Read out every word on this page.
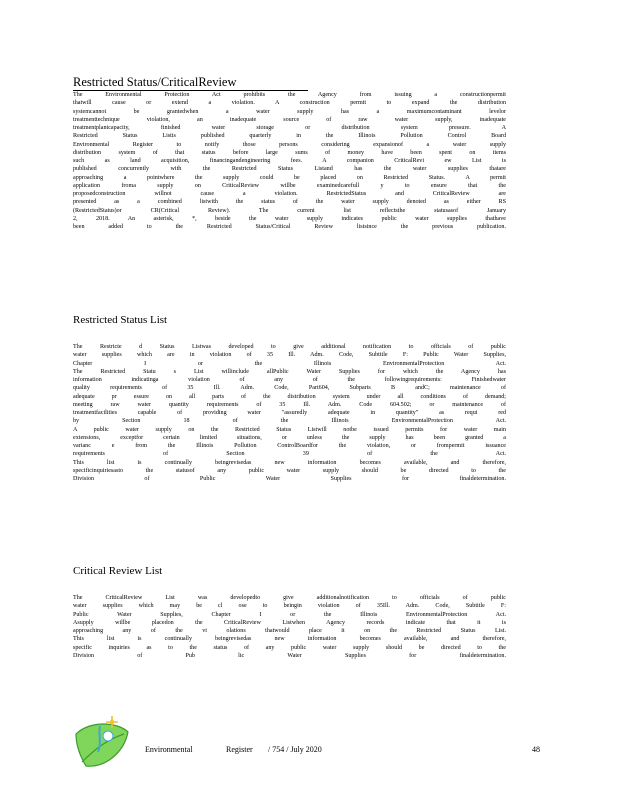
Restricted Status/CriticalReview
The Environmental Protection Act prohibits the Agency from issuing a constructionpermit
thatwill cause or extend a violation. A construction permit to expand the distribution
systemcannot be grantedwhen a water supply has a maximumcontaminant levelor
treatmenttechnique violation, an inadequate source of raw water supply, inadequate
treatmentplantcapacity, finished water storage or distribution system pressure. A
Restricted Status Listis published quarterly in the Illinois Pollution Control Board
Environmental Register to notify those persons considering expansionof a water supply
distribution system of that status before large sums of money have been spent on items
such as land acquisition, financingandengineering fees. A companion CriticalRevi ew List is
published concurrently with the Restricted Status Listand has the water supplies thatare
approaching a pointwhere the supply could be placed on Restricted Status. A permit
application froma supply on CriticalReview willbe examinedcarefull y to ensure that the
proposedconstruction willnot cause a violation. RestrictedStatus and CriticalReview are
presented as a combined listwith the status of the water supply denoted as either RS
(RestrictedStatus)or CR(Critical Review). The current list reflectsthe statusasof January
2, 2018. An asterisk, *, beside the water supply indicates public water supplies thathave
been added to the Restricted Status/Critical Review listsince the previous publication.
Restricted Status List
The Restricte d Status Listwas developed to give additional notification to officials of public
water supplies which are in violation of 35 Ill. Adm. Code, Subtitle F: Public Water Supplies,
Chapter I or the Illinois EnvironmentalProtection Act.
The Restricted Statu s List willinclude allPublic Water Supplies for which the Agency has
information indicatinga violation of any of the followingrequirements: Finishedwater
quality requirements of 35 Ill. Adm. Code, Part604, Subparts B andC; maintenance of
adequate pr essure on all parts of the distribution system under all conditions of demand;
meeting raw water quantity requirements of 35 Ill. Adm. Code 604.502; or maintenance of
treatmentfacilities capable of providing water "assuredly adequate in quantity" as requi red
by Section 18 of the Illinois EnvironmentalProtection Act.
A public water supply on the Restricted Status Listwill notbe issued permits for water main
extensions, exceptfor certain limited situations, or unless the supply has been granted a
varianc e from the Illinois Pollution ControlBoardfor the violation, or frompermit issuance
requirements of Section 39 of the Act.
This list is continually beingrevisedas new information becomes available, and therefore,
specificinquiriesasto the statusof any public water supply should be directed to the
Division of Public Water Supplies for finaldetermination.
Critical Review List
The CriticalReview List was developedto give additionalnotification to officials of public
water supplies which may be cl ose to beingin violation of 35Ill. Adm. Code, Subtitle F:
Public Water Supplies, Chapter I or the Illinois EnvironmentalProtection Act.
Asupply willbe placedon the CriticalReview Listwhen Agency records indicate that it is
approaching any of the vi olations thatwould place it on the Restricted Status List.
This list is continually beingrevisedas new information becomes available, and therefore,
specific inquiries as to the status of any public water supply should be directed to the
Division of Pub lic Water Supplies for finaldetermination.
Environmental	Register / 754 / July 2020	48
